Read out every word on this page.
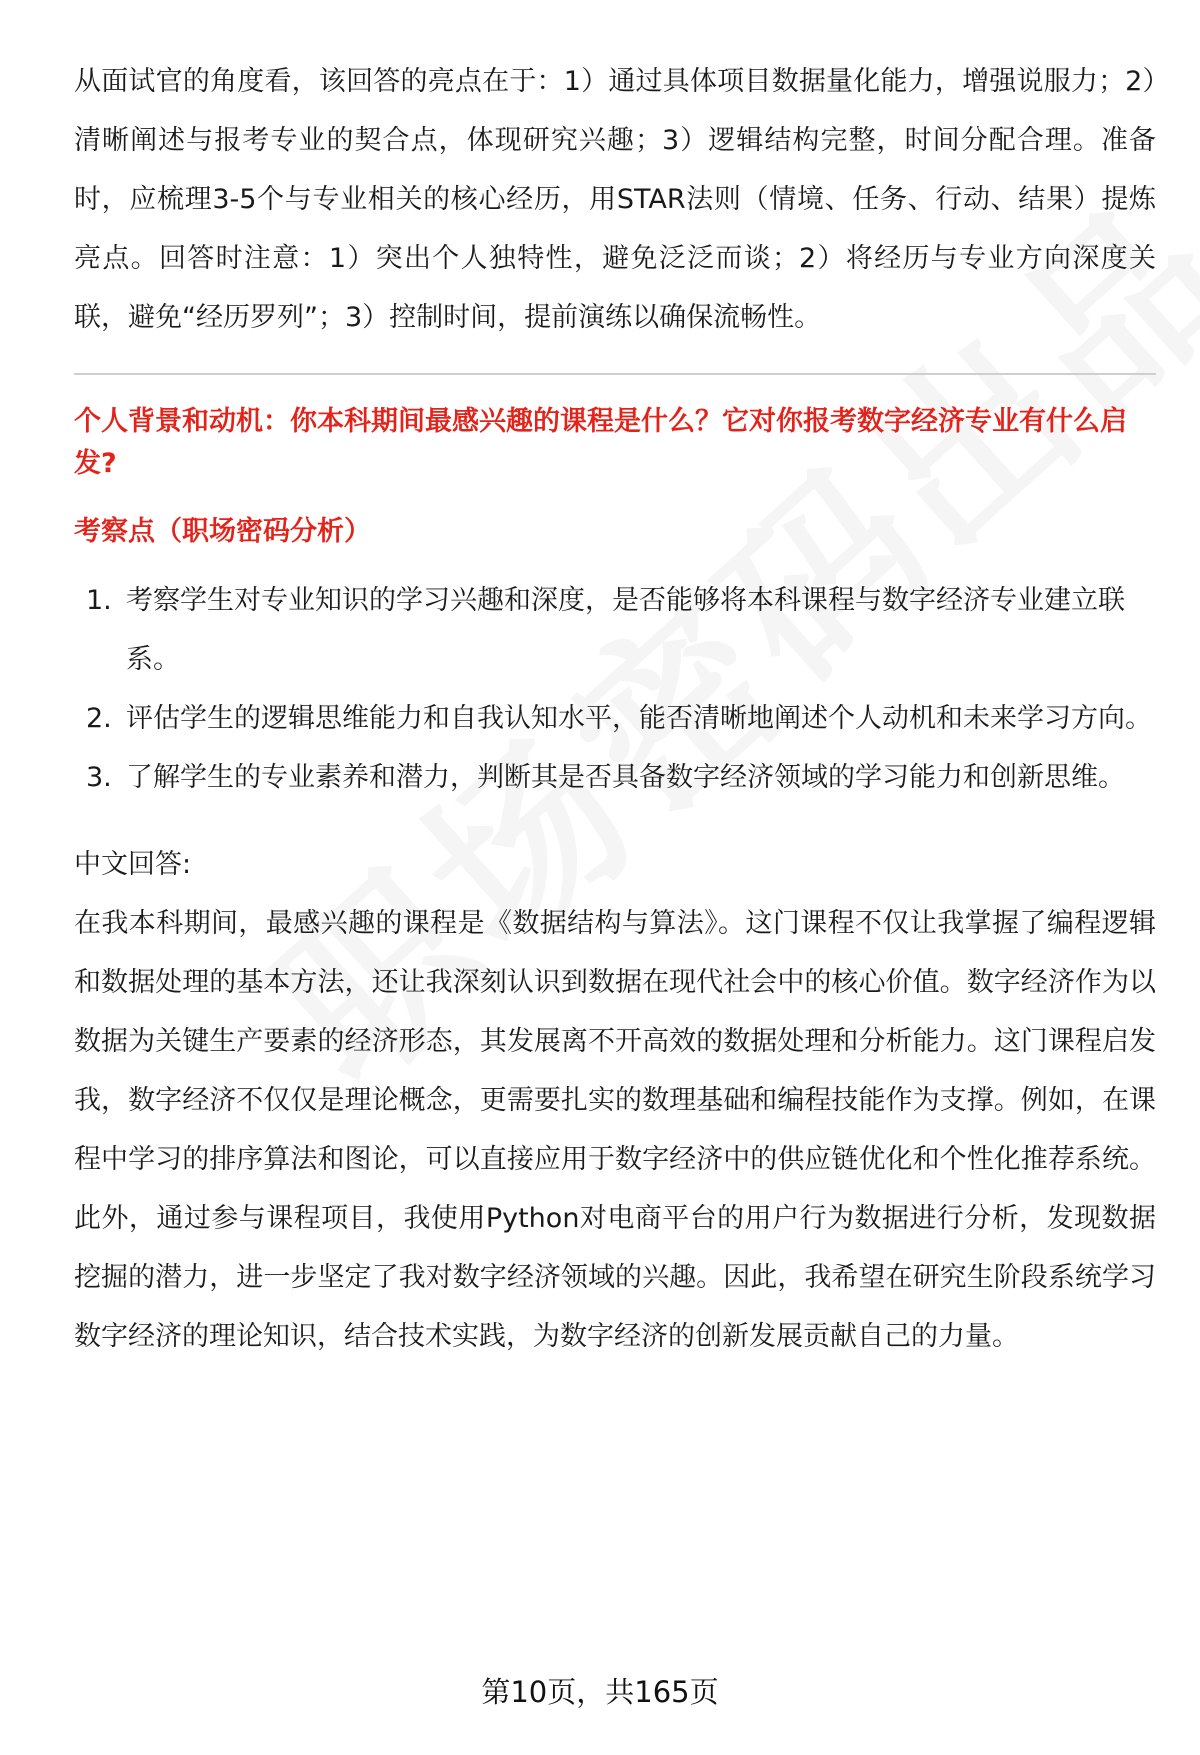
从面试官的角度看，该回答的亮点在于：1）通过具体项目数据量化能力，增强说服力；2）清晰阐述与报考专业的契合点，体现研究兴趣；3）逻辑结构完整，时间分配合理。准备时，应梳理3-5个与专业相关的核心经历，用STAR法则（情境、任务、行动、结果）提炼亮点。回答时注意：1）突出个人独特性，避免泛泛而谈；2）将经历与专业方向深度关联，避免“经历罗列”；3）控制时间，提前演练以确保流畅性。

个人背景和动机：你本科期间最感兴趣的课程是什么？它对你报考数字经济专业有什么启发?

考察点（职场密码分析）

1. 考察学生对专业知识的学习兴趣和深度，是否能够将本科课程与数字经济专业建立联系。
2. 评估学生的逻辑思维能力和自我认知水平，能否清晰地阐述个人动机和未来学习方向。
3. 了解学生的专业素养和潜力，判断其是否具备数字经济领域的学习能力和创新思维。

中文回答:

在我本科期间，最感兴趣的课程是《数据结构与算法》。这门课程不仅让我掌握了编程逻辑和数据处理的基本方法，还让我深刻认识到数据在现代社会中的核心价值。数字经济作为以数据为关键生产要素的经济形态，其发展离不开高效的数据处理和分析能力。这门课程启发我，数字经济不仅仅是理论概念，更需要扎实的数理基础和编程技能作为支撑。例如，在课程中学习的排序算法和图论，可以直接应用于数字经济中的供应链优化和个性化推荐系统。此外，通过参与课程项目，我使用Python对电商平台的用户行为数据进行分析，发现数据挖掘的潜力，进一步坚定了我对数字经济领域的兴趣。因此，我希望在研究生阶段系统学习数字经济的理论知识，结合技术实践，为数字经济的创新发展贡献自己的力量。

第10页，共165页
